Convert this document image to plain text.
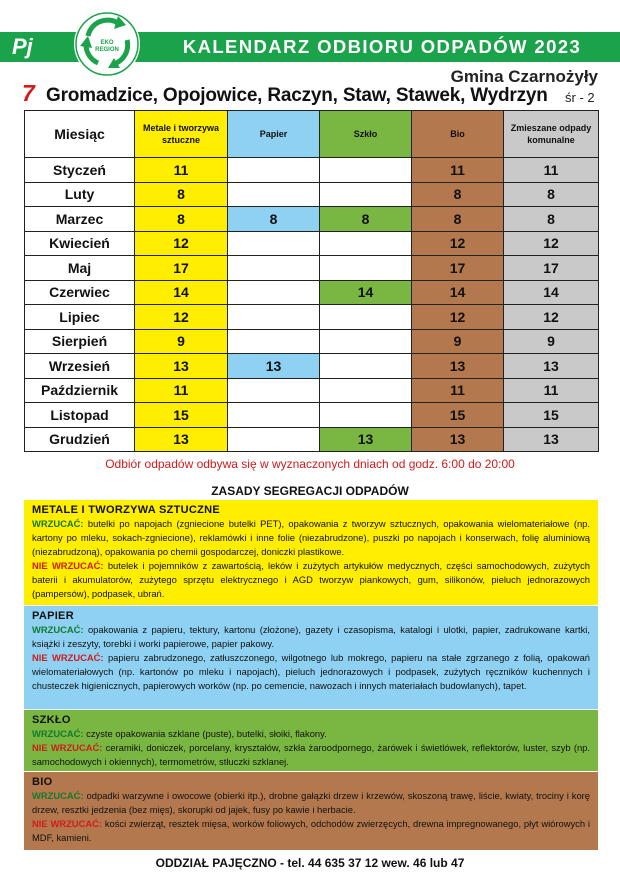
Pj	EKO
REGION	KALENDARZ ODBIORU ODPADÓW 2023
Gmina Czarnożyły
7 Gromadzice, Opojowice, Raczyn, Staw, Stawek, Wydrzyn śr - 2
Miesiąc	Metale i tworzywa sztuczne	Papier	Szkło	Bio	Zmieszane odpady komunalne
Styczeń	11			11	11
Luty	8			8	8
Marzec	8	8	8	8	8
Kwiecień	12			12	12
Maj	17			17	17
Czerwiec	14		14	14	14
Lipiec	12			12	12
Sierpień	9			9	9
Wrzesień	13	13		13	13
Październik	11			11	11
Listopad	15			15	15
Grudzień	13		13	13	13
Odbiór odpadów odbywa się w wyznaczonych dniach od godz. 6:00 do 20:00
ZASADY SEGREGACJI ODPADÓW
METALE I TWORZYWA SZTUCZNE

WRZUCAĆ: butelki po napojach (zgniecione butelki PET), opakowania z tworzyw sztucznych, opakowania wielomateriałowe (np. kartony po mleku, sokach-zgniecione), reklamówki i inne folie (niezabrudzone), puszki po napojach i konserwach, folię aluminiową (niezabrudzoną), opakowania po chemii gospodarczej, doniczki plastikowe.

NIE WRZUCAĆ: butelek i pojemników z zawartością, leków i zużytych artykułów medycznych, części samochodowych, zużytych baterii i akumulatorów, zużytego sprzętu elektrycznego i AGD tworzyw piankowych, gum, silikonów, pieluch jednorazowych (pampersów), podpasek, ubrań.

PAPIER

WRZUCAĆ: opakowania z papieru, tektury, kartonu (złożone), gazety i czasopisma, katalogi i ulotki, papier, zadrukowane kartki, książki i zeszyty, torebki i worki papierowe, papier pakowy.

NIE WRZUCAĆ: papieru zabrudzonego, zatłuszczonego, wilgotnego lub mokrego, papieru na stałe zgrzanego z folią, opakowań wielomateriałowych (np. kartonów po mleku i napojach), pieluch jednorazowych i podpasek, zużytych ręczników kuchennych i chusteczek higienicznych, papierowych worków (np. po cemencie, nawozach i innych materiałach budowlanych), tapet.

SZKŁO

WRZUCAĆ: czyste opakowania szklane (puste), butelki, słoiki, flakony.

NIE WRZUCAĆ: ceramiki, doniczek, porcelany, kryształów, szkła żaroodpornego, żarówek i świetlówek, reflektorów, luster, szyb (np. samochodowych i okiennych), termometrów, stłuczki szklanej.

BIO

WRZUCAĆ: odpadki warzywne i owocowe (obierki itp.), drobne gałązki drzew i krzewów, skoszoną trawę, liście, kwiaty, trociny i korę drzew, resztki jedzenia (bez mięs), skorupki od jajek, fusy po kawie i herbacie.

NIE WRZUCAĆ: kości zwierząt, resztek mięsa, worków foliowych, odchodów zwierzęcych, drewna impregnowanego, płyt wiórowych i MDF, kamieni.

ODDZIAŁ PAJĘCZNO - tel. 44 635 37 12 wew. 46 lub 47
